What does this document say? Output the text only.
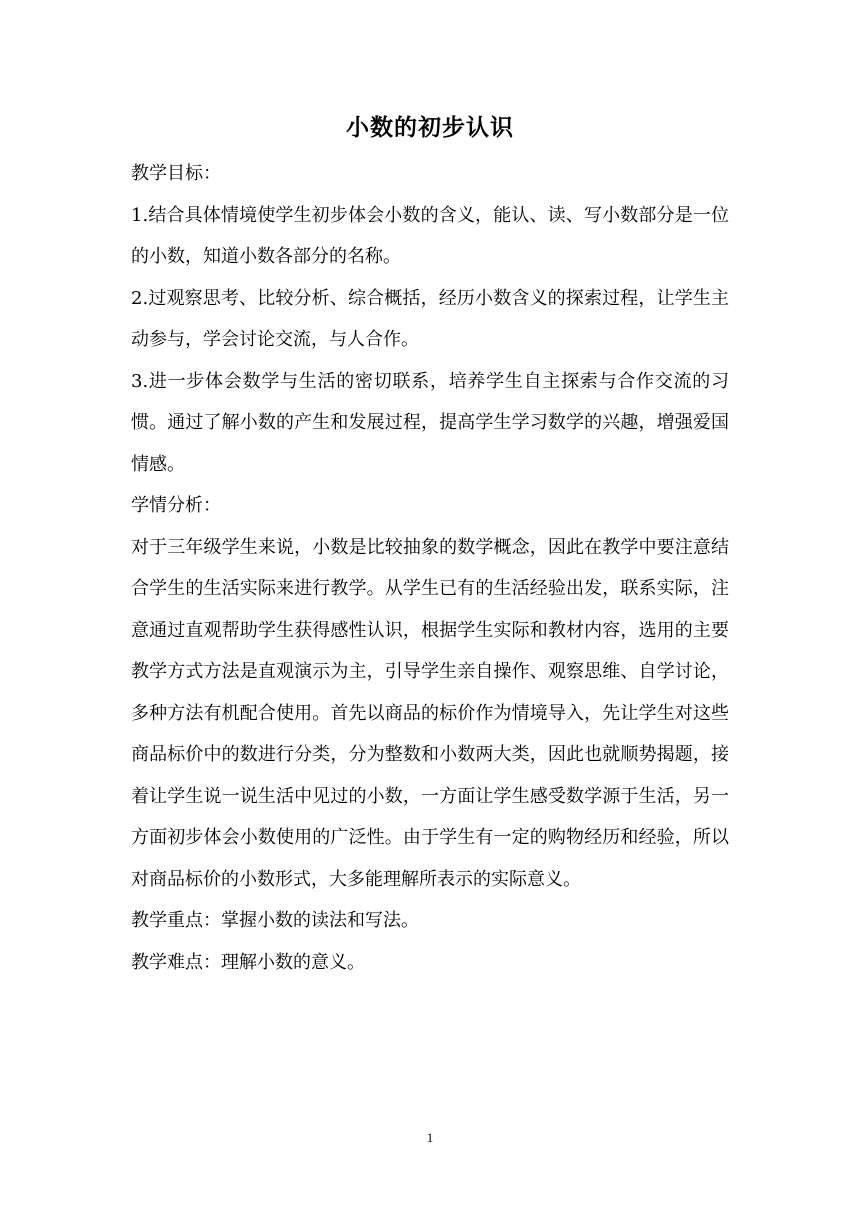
小数的初步认识

教学目标：

1.结合具体情境使学生初步体会小数的含义，能认、读、写小数部分是一位的小数，知道小数各部分的名称。

2.过观察思考、比较分析、综合概括，经历小数含义的探索过程，让学生主动参与，学会讨论交流，与人合作。

3.进一步体会数学与生活的密切联系，培养学生自主探索与合作交流的习惯。通过了解小数的产生和发展过程，提高学生学习数学的兴趣，增强爱国情感。

学情分析：

对于三年级学生来说，小数是比较抽象的数学概念，因此在教学中要注意结合学生的生活实际来进行教学。从学生已有的生活经验出发，联系实际，注意通过直观帮助学生获得感性认识，根据学生实际和教材内容，选用的主要教学方式方法是直观演示为主，引导学生亲自操作、观察思维、自学讨论，多种方法有机配合使用。首先以商品的标价作为情境导入，先让学生对这些商品标价中的数进行分类，分为整数和小数两大类，因此也就顺势揭题，接着让学生说一说生活中见过的小数，一方面让学生感受数学源于生活，另一方面初步体会小数使用的广泛性。由于学生有一定的购物经历和经验，所以对商品标价的小数形式，大多能理解所表示的实际意义。

教学重点：掌握小数的读法和写法。

教学难点：理解小数的意义。

1
